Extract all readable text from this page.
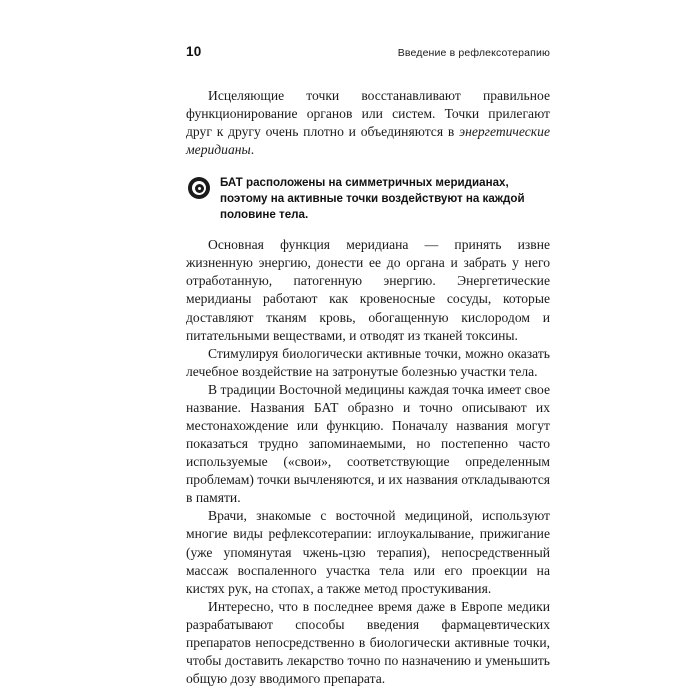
10	Введение в рефлексотерапию

Исцеляющие точки восстанавливают правильное функционирование органов или систем. Точки прилегают друг к другу очень плотно и объединяются в энергетические меридианы.

БАТ расположены на симметричных меридианах, поэтому на активные точки воздействуют на каждой половине тела.

Основная функция меридиана — принять извне жизненную энергию, донести ее до органа и забрать у него отработанную, патогенную энергию. Энергетические меридианы работают как кровеносные сосуды, которые доставляют тканям кровь, обогащенную кислородом и питательными веществами, и отводят из тканей токсины.

Стимулируя биологически активные точки, можно оказать лечебное воздействие на затронутые болезнью участки тела.

В традиции Восточной медицины каждая точка имеет свое название. Названия БАТ образно и точно описывают их местонахождение или функцию. Поначалу названия могут показаться трудно запоминаемыми, но постепенно часто используемые («свои», соответствующие определенным проблемам) точки вычленяются, и их названия откладываются в памяти.

Врачи, знакомые с восточной медициной, используют многие виды рефлексотерапии: иглоукалывание, прижигание (уже упомянутая чжень-цзю терапия), непосредственный массаж воспаленного участка тела или его проекции на кистях рук, на стопах, а также метод простукивания.

Интересно, что в последнее время даже в Европе медики разрабатывают способы введения фармацевтических препаратов непосредственно в биологически активные точки, чтобы доставить лекарство точно по назначению и уменьшить общую дозу вводимого препарата.
